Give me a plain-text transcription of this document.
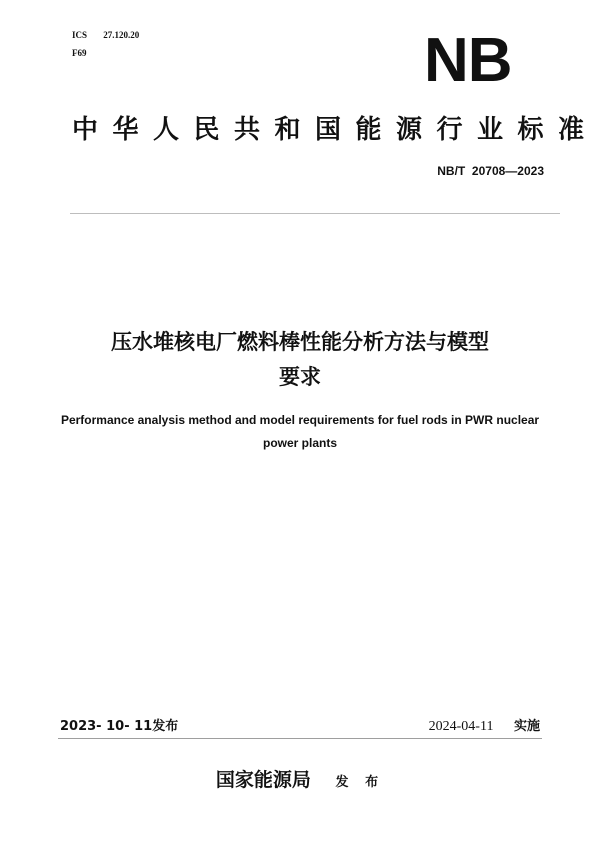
ICS 27.120.20
F69	NB
中华人民共和国能源行业标准
NB/T  20708—2023
压水堆核电厂燃料棒性能分析方法与模型
要求
Performance analysis method and model requirements for fuel rods in PWR nuclear
power plants
2023- 10- 11发布	2024-04-11 实施
国家能源局 发 布
